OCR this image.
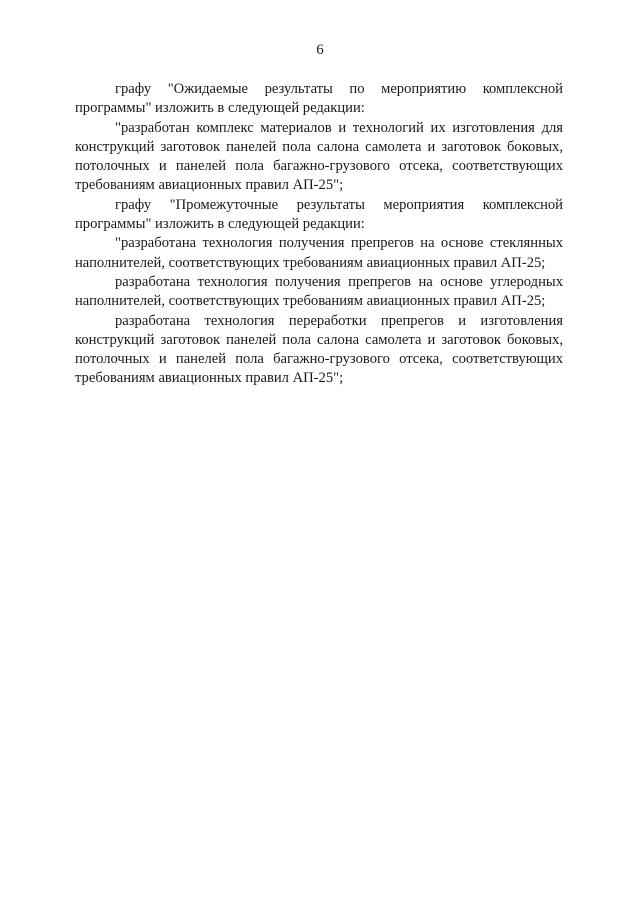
6

графу "Ожидаемые результаты по мероприятию комплексной программы" изложить в следующей редакции:

"разработан комплекс материалов и технологий их изготовления для конструкций заготовок панелей пола салона самолета и заготовок боковых, потолочных и панелей пола багажно-грузового отсека, соответствующих требованиям авиационных правил АП-25";

графу "Промежуточные результаты мероприятия комплексной программы" изложить в следующей редакции:

"разработана технология получения препрегов на основе стеклянных наполнителей, соответствующих требованиям авиационных правил АП-25;

разработана технология получения препрегов на основе углеродных наполнителей, соответствующих требованиям авиационных правил АП-25;

разработана технология переработки препрегов и изготовления конструкций заготовок панелей пола салона самолета и заготовок боковых, потолочных и панелей пола багажно-грузового отсека, соответствующих требованиям авиационных правил АП-25";
